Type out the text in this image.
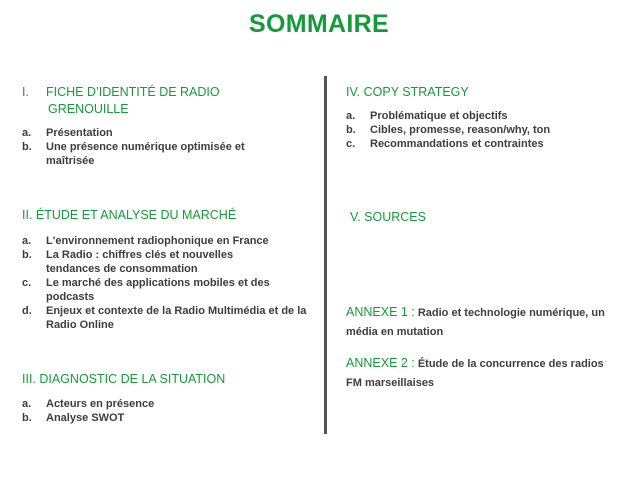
SOMMAIRE
I. FICHE D’IDENTITÉ DE RADIO
GRENOUILLE
a. Présentation
b. Une présence numérique optimisée et maîtrisée
II. ÉTUDE ET ANALYSE DU MARCHÉ
a. L'environnement radiophonique en France
b. La Radio : chiffres clés et nouvelles tendances de consommation
c. Le marché des applications mobiles et des podcasts
d. Enjeux et contexte de la Radio Multimédia et de la Radio Online
III. DIAGNOSTIC DE LA SITUATION
a. Acteurs en présence
b. Analyse SWOT
IV. COPY STRATEGY
a. Problématique et objectifs
b. Cibles, promesse, reason/why, ton
c. Recommandations et contraintes
V. SOURCES
ANNEXE 1 : Radio et technologie numérique, un média en mutation
ANNEXE 2 : Étude de la concurrence des radios FM marseillaises
